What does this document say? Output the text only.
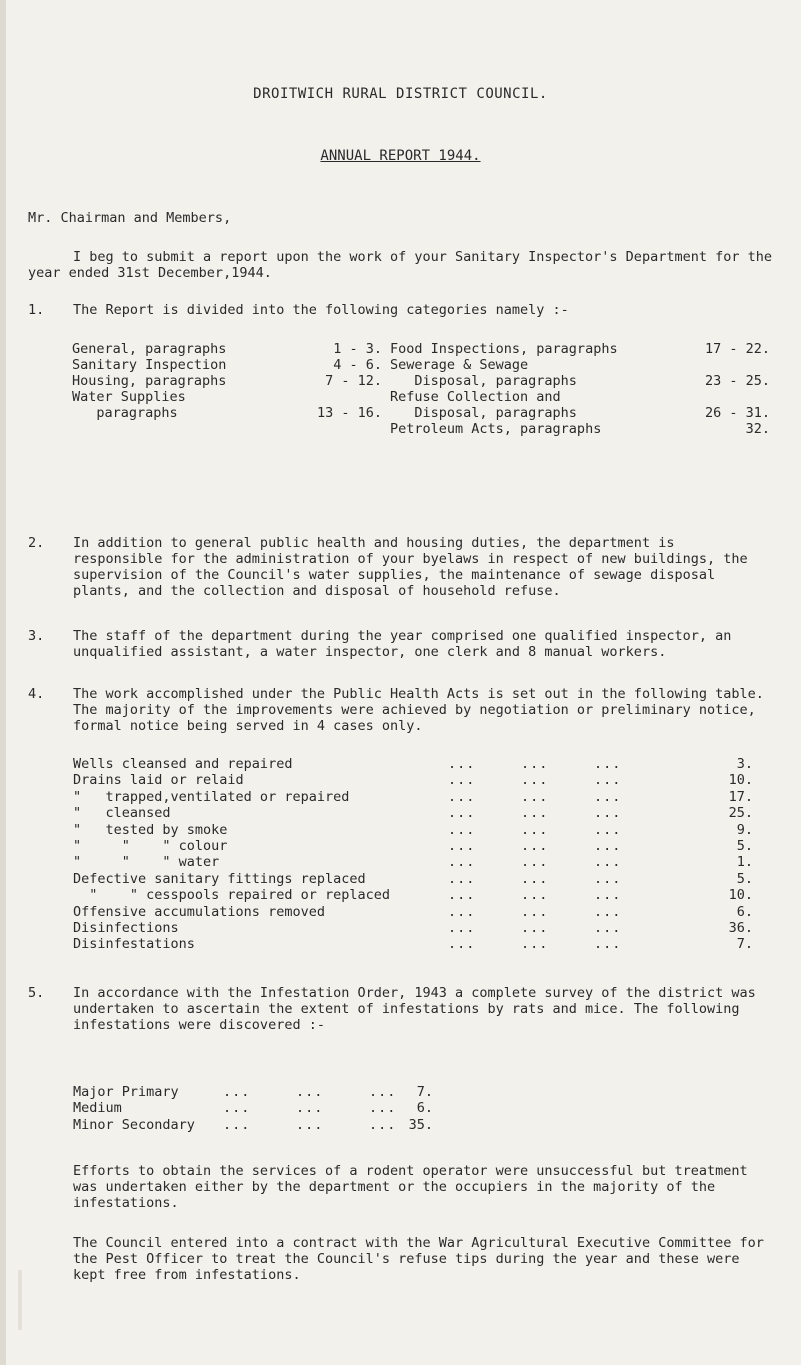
DROITWICH RURAL DISTRICT COUNCIL.
ANNUAL REPORT 1944.
Mr. Chairman and Members,
I beg to submit a report upon the work of your Sanitary Inspector's Department for the year ended 31st December,1944.
1. The Report is divided into the following categories namely :-
General, paragraphs	1 - 3.
Sanitary Inspection	4 - 6.
Housing, paragraphs	7 - 12.
Water Supplies
paragraphs	13 - 16.
Food Inspections, paragraphs	17 - 22.
Sewerage & Sewage
Disposal, paragraphs	23 - 25.
Refuse Collection and
Disposal, paragraphs	26 - 31.
Petroleum Acts, paragraphs	32.
2. In addition to general public health and housing duties, the department is responsible for the administration of your byelaws in respect of new buildings, the supervision of the Council's water supplies, the maintenance of sewage disposal plants, and the collection and disposal of household refuse.
3. The staff of the department during the year comprised one qualified inspector, an unqualified assistant, a water inspector, one clerk and 8 manual workers.
4. The work accomplished under the Public Health Acts is set out in the following table. The majority of the improvements were achieved by negotiation or preliminary notice, formal notice being served in 4 cases only.
Wells cleansed and repaired	...     ...     ...	3.
Drains laid or relaid	...     ...     ...	10.
"   trapped,ventilated or repaired	...     ...     ...	17.
"   cleansed	...     ...     ...	25.
"   tested by smoke	...     ...     ...	9.
"     "    " colour	...     ...     ...	5.
"     "    " water	...     ...     ...	1.
Defective sanitary fittings replaced	...     ...     ...	5.
"    " cesspools repaired or replaced	...     ...     ...	10.
Offensive accumulations removed	...     ...     ...	6.
Disinfections	...     ...     ...	36.
Disinfestations	...     ...     ...	7.
5. In accordance with the Infestation Order, 1943 a complete survey of the district was undertaken to ascertain the extent of infestations by rats and mice. The following infestations were discovered :-
Major Primary	...     ...     ...	7.
Medium	...     ...     ...	6.
Minor Secondary ...     ...     ... 35.
Efforts to obtain the services of a rodent operator were unsuccessful but treatment was undertaken either by the department or the occupiers in the majority of the infestations.
The Council entered into a contract with the War Agricultural Executive Committee for the Pest Officer to treat the Council's refuse tips during the year and these were kept free from infestations.
